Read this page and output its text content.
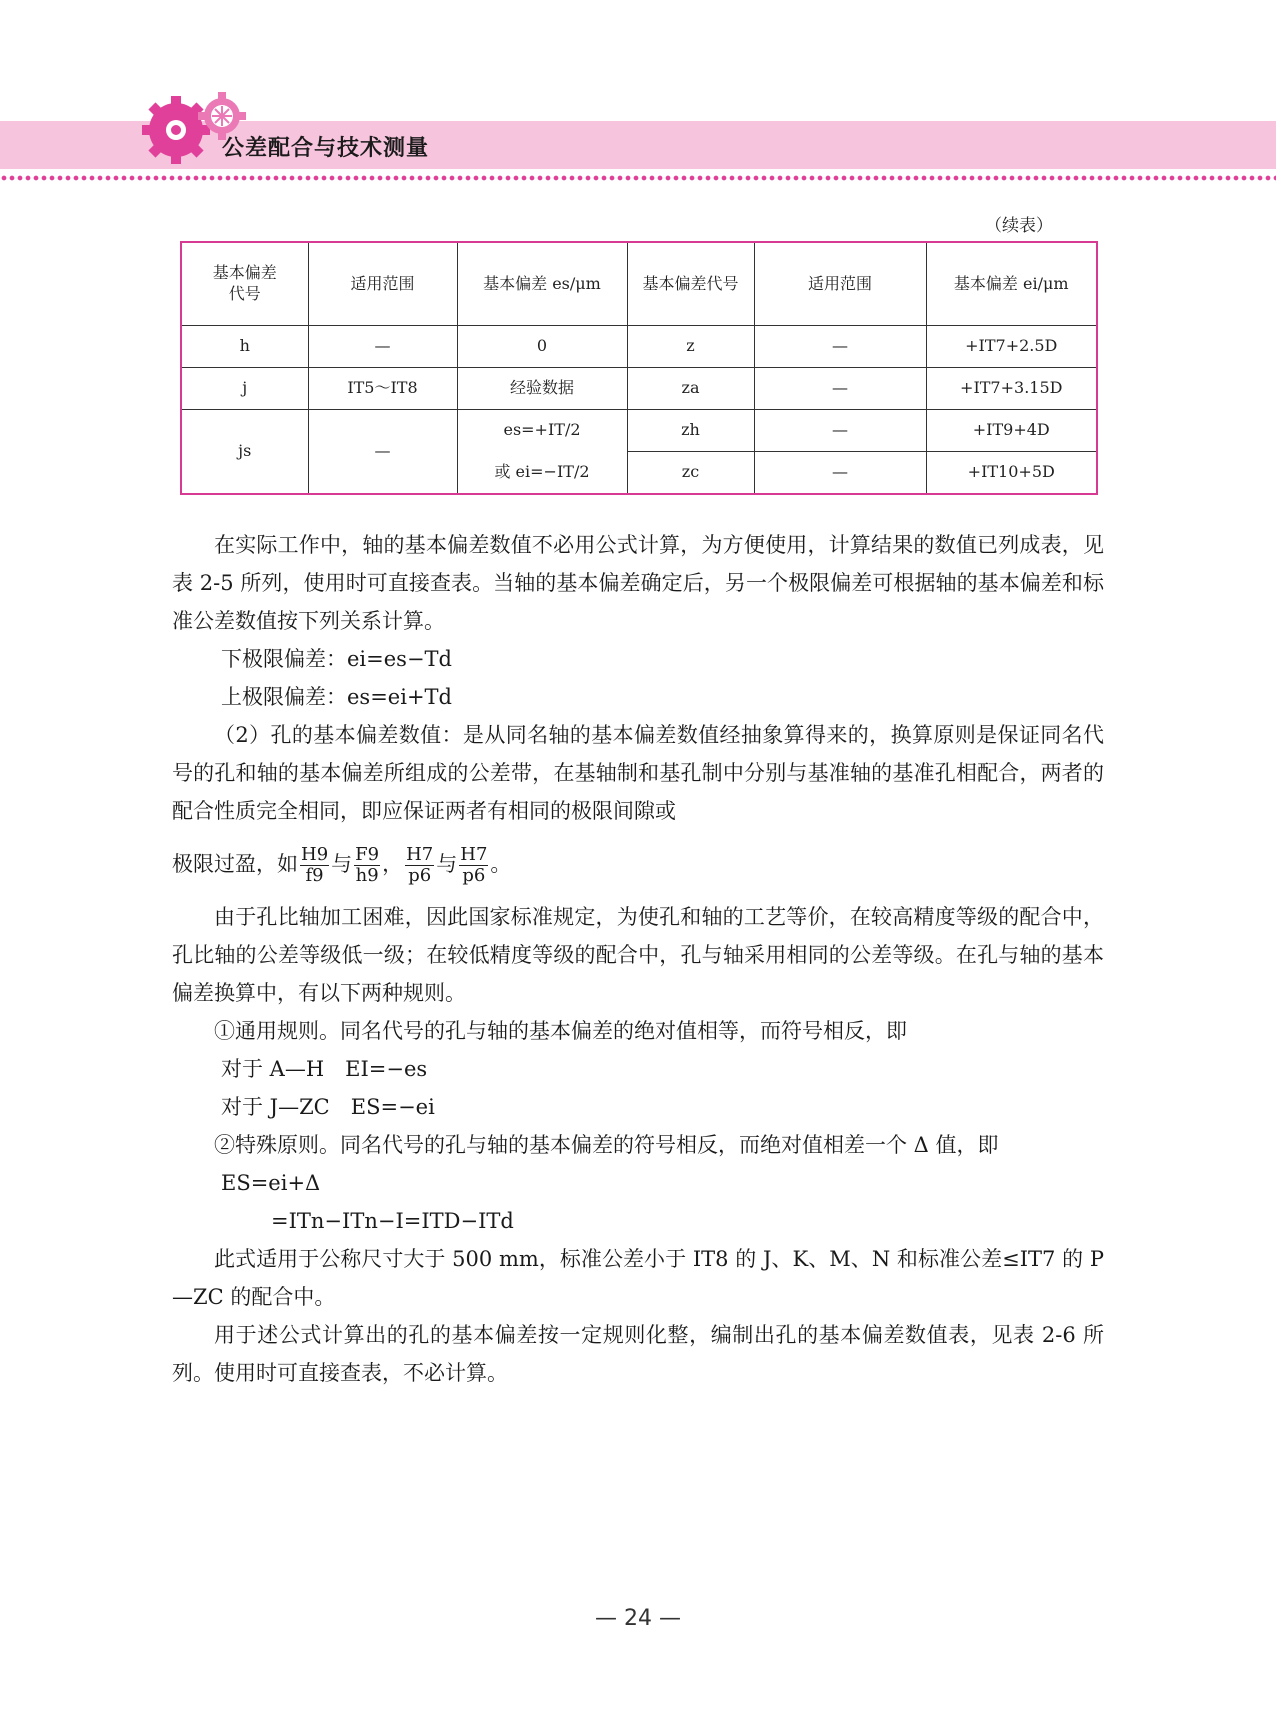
公差配合与技术测量
（续表）
基本偏差代号	适用范围	基本偏差 es/μm	基本偏差代号	适用范围	基本偏差 ei/μm
h	—	0	z	—	+IT7+2.5D
j	IT5～IT8	经验数据	za	—	+IT7+3.15D
js	—	es=+IT/2	zh	—	+IT9+4D
		或 ei=−IT/2	zc	—	+IT10+5D

在实际工作中，轴的基本偏差数值不必用公式计算，为方便使用，计算结果的数值已列成表，见表 2-5 所列，使用时可直接查表。当轴的基本偏差确定后，另一个极限偏差可根据轴的基本偏差和标准公差数值按下列关系计算。

下极限偏差：ei=es−Td

上极限偏差：es=ei+Td

（2）孔的基本偏差数值：是从同名轴的基本偏差数值经抽象算得来的，换算原则是保证同名代号的孔和轴的基本偏差所组成的公差带，在基轴制和基孔制中分别与基准轴的基准孔相配合，两者的配合性质完全相同，即应保证两者有相同的极限间隙或

极限过盈，如 $\frac{H9}{f9}$ 与 $\frac{F9}{h9}$ ， $\frac{H7}{p6}$ 与 $\frac{H7}{p6}$ 。

由于孔比轴加工困难，因此国家标准规定，为使孔和轴的工艺等价，在较高精度等级的配合中，孔比轴的公差等级低一级；在较低精度等级的配合中，孔与轴采用相同的公差等级。在孔与轴的基本偏差换算中，有以下两种规则。

①通用规则。同名代号的孔与轴的基本偏差的绝对值相等，而符号相反，即

对于 A—H　EI=−es

对于 J—ZC　ES=−ei

②特殊原则。同名代号的孔与轴的基本偏差的符号相反，而绝对值相差一个 Δ 值，即

ES=ei+Δ

=ITn−ITn−I=ITD−ITd

此式适用于公称尺寸大于 500 mm，标准公差小于 IT8 的 J、K、M、N 和标准公差≤IT7 的 P—ZC 的配合中。

用于述公式计算出的孔的基本偏差按一定规则化整，编制出孔的基本偏差数值表，见表 2-6 所列。使用时可直接查表，不必计算。

— 24 —
